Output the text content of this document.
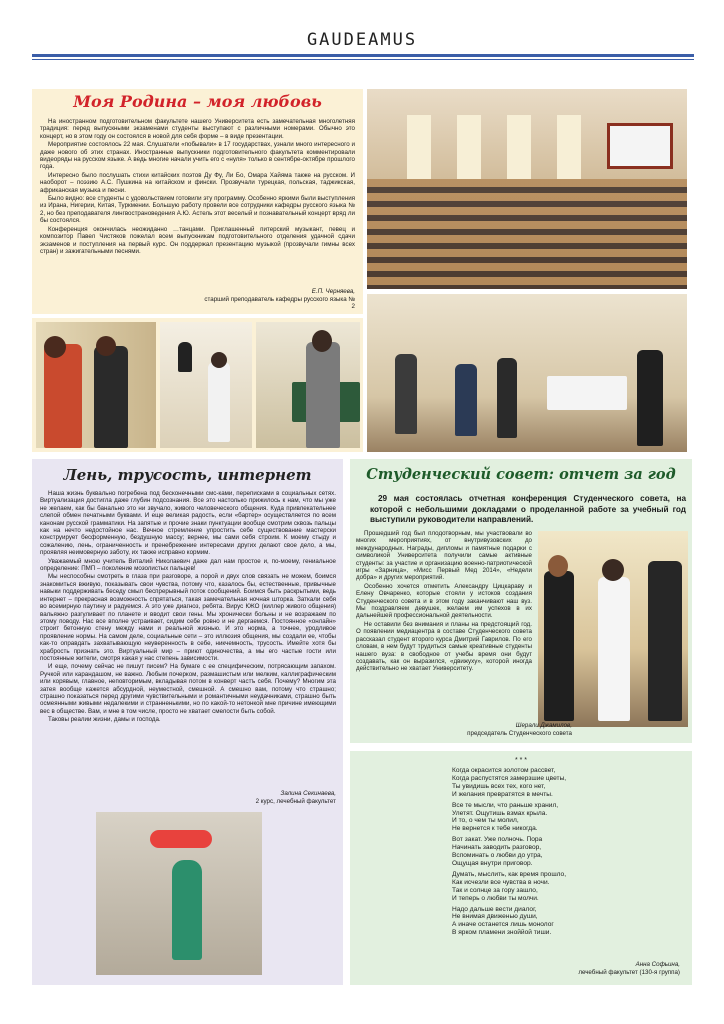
GAUDEAMUS
Моя Родина – моя любовь

На иностранном подготовительном факультете нашего Университета есть замечательная многолетняя традиция: перед выпускными экзаменами студенты выступают с различными номерами. Обычно это концерт, но в этом году он состоялся в новой для себя форме – в виде презентации.

Мероприятие состоялось 22 мая. Слушатели «побывали» в 17 государствах, узнали много интересного и даже нового об этих странах. Иностранные выпускники подготовительного факультета комментировали видеоряды на русском языке. А ведь многие начали учить его с «нуля» только в сентябре-октябре прошлого года.

Интересно было послушать стихи китайских поэтов Ду Фу, Ли Бо, Омара Хайяма также на русском. И наоборот – поэзию А.С. Пушкина на китайском и фински. Прозвучали турецкая, польская, таджикская, африканская музыка и песни.

Было видно: все студенты с удовольствием готовили эту программу. Особенно яркими были выступления из Ирана, Нигерии, Китая, Туркмении. Большую работу провели все сотрудники кафедры русского языка № 2, но без преподавателя лингвострановедения А.Ю. Астель этот веселый и познавательный концерт вряд ли бы состоялся.

Конференция окончилась неожиданно …танцами. Приглашенный питерский музыкант, певец и композитор Павел Чистяков пожелал всем выпускникам подготовительного отделения удачной сдачи экзаменов и поступления на первый курс. Он поддержал презентацию музыкой (прозвучали гимны всех стран) и зажигательными песнями.

Е.П. Черняева,
старший преподаватель кафедры русского языка № 2
Лень, трусость, интернет

Наша жизнь буквально погребена под бесконечными смс-ками, переписками в социальных сетях. Виртуализация достигла даже глубин подсознания. Все это настолько прижилось к нам, что мы уже не желаем, как бы банально это ни звучало, живого человеческого общения. Куда привлекательнее слепой обмен печатными буквами. И еще великая радость, если «бартер» осуществляется по всем канонам русской грамматики. На запятые и прочие знаки пунктуации вообще смотрим сквозь пальцы как на нечто недостойное нас. Вечное стремление упростить себе существование мастерски конструирует бесформенную, бездушную массу; вернее, мы сами себя строим. К моему стыду и сожалению, лень, ограниченность и пренебрежение интересами других делают свое дело, а мы, проявляя неимоверную заботу, их также исправно кормим.

Уважаемый мною учитель Виталий Николаевич даже дал нам простое и, по-моему, гениальное определение: ПМП – поколение мозолистых пальцев!

Мы неспособны смотреть в глаза при разговоре, а порой и двух слов связать не можем, боимся знакомиться вживую, показывать свои чувства, потому что, казалось бы, естественные, привычные навыки поддерживать беседу смыл беспрерывный поток сообщений. Боимся быть раскрытыми, ведь интернет – прекрасная возможность спрятаться, такая замечательная ночная шторка. Заткали себя во всемирную паутину и радуемся. А это уже диагноз, ребята. Вирус КЖО (киллер живого общения) вальяжно разгуливает по планете и вводит свои гены. Мы хронически больны и не возражаем по этому поводу. Нас все вполне устраивает, сидим себе ровно и не дергаемся. Постоянное «онлайн» строит бетонную стену между нами и реальной жизнью. И это норма, а точнее, уродливое проявление нормы. На самом деле, социальные сети – это иллюзия общения, мы создали ее, чтобы как-то оправдать захватывающую неуверенность в себе, никчемность, трусость. Имейте хотя бы храбрость признать это. Виртуальный мир – приют одиночества, а мы его частые гости или постоянные жители, смотря какая у нас степень зависимости.

И еще, почему сейчас не пишут писем? На бумаге с ее специфическим, потрясающим запахом. Ручкой или карандашом, не важно. Любым почерком, размашистым или мелким, каллиграфическим или корявым, главное, неповторимым, вкладывая потом в конверт частъ себя. Почему? Многим эта затея вообще кажется абсурдной, неуместной, смешной. А смешно вам, потому что страшно; страшно показаться перед другими чувствительными и романтичными неудачниками, страшно быть осмеянными живыми недалекими и странненькими, но по какой-то нетонкой мне причине имеющими вес в обществе. Вам, и мне в том числе, просто не хватает смелости быть собой.

Таковы реалии жизни, дамы и господа.

Залина Секинаева,
2 курс, лечебный факультет
Студенческий совет: отчет за год
29 мая состоялась отчетная конференция Студенческого совета, на которой с небольшими докладами о проделанной работе за учебный год выступили руководители направлений.

Прошедший год был плодотворным, мы участвовали во многих мероприятиях, от внутривузовских до международных. Награды, дипломы и памятные подарки с символикой Университета получили самые активные студенты: за участие и организацию военно-патриотической игры «Зарница», «Мисс Первый Мед 2014», «Недели добра» и других мероприятий.

Особенно хочется отметить Александру Цицкараву и Елену Овчаренко, которые стояли у истоков создания Студенческого совета и в этом году заканчивают наш вуз. Мы поздравляем девушек, желаем им успехов в их дальнейшей профессиональной деятельности.

Не оставили без внимания и планы на предстоящий год. О появлении медиацентра в составе Студенческого совета рассказал студент второго курса Дмитрий Гаврилов. По его словам, в нем будут трудиться самые креативные студенты нашего вуза: в свободное от учебы время они будут создавать, как он выразился, «движуху», которой иногда действительно не хватает Университету.

Шерали Джамилов,
председатель Студенческого совета
* * *
Когда окрасится золотом рассвет,
Когда распустятся замерзшие цветы,
Ты увидишь всех тех, кого нет,
И желания превратятся в мечты.
Все те мысли, что раньше хранил,
Улетят. Ощутишь взмах крыла.
И то, о чем ты молил,
Не вернется к тебе никогда.
Вот закат. Уже полночь. Пора
Начинать заводить разговор,
Вспоминать о любви до утра,
Ощущая внутри приговор.
Думать, мыслить, как время прошло,
Как исчезли все чувства в ночи.
Так и солнце за гору зашло,
И теперь о любви ты молчи.
Надо дальше вести диалог,
Не внимая движенью души,
А иначе останется лишь монолог
В ярком пламени зноййой тиши.
Анна Софьина,
лечебный факультет (130-я группа)
